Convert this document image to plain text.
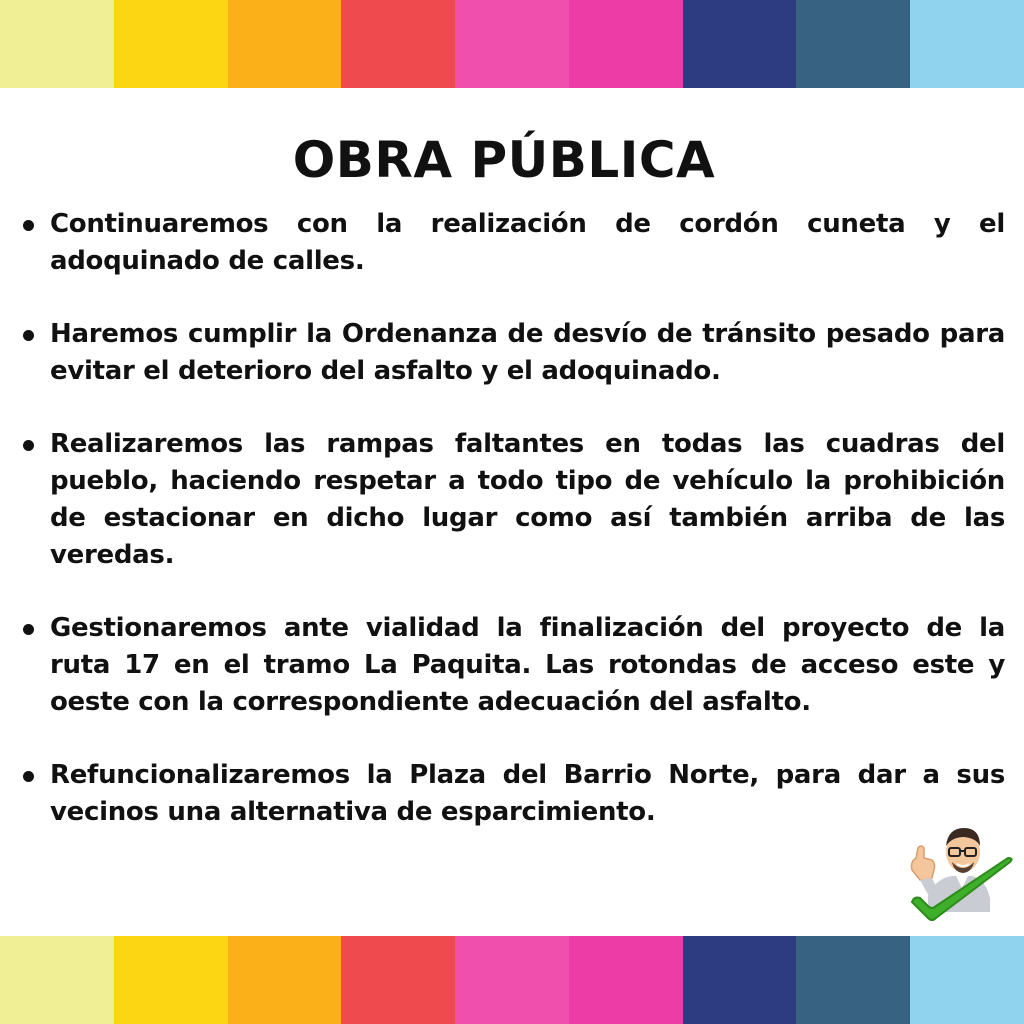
OBRA PÚBLICA
Continuaremos con la realización de cordón cuneta y el adoquinado de calles.
Haremos cumplir la Ordenanza de desvío de tránsito pesado para evitar el deterioro del asfalto y el adoquinado.
Realizaremos las rampas faltantes en todas las cuadras del pueblo, haciendo respetar a todo tipo de vehículo la prohibición de estacionar en dicho lugar como así también arriba de las veredas.
Gestionaremos ante vialidad la finalización del proyecto de la ruta 17 en el tramo La Paquita. Las rotondas de acceso este y oeste con la correspondiente adecuación del asfalto.
Refuncionalizaremos la Plaza del Barrio Norte, para dar a sus vecinos una alternativa de esparcimiento.
